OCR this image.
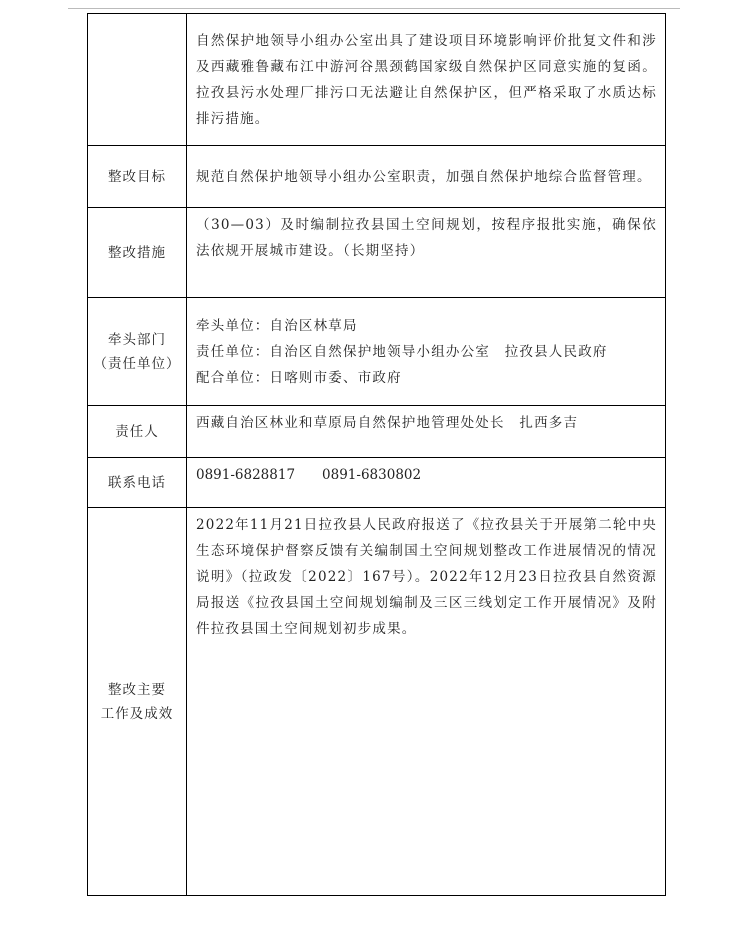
	自然保护地领导小组办公室出具了建设项目环境影响评价批复文件和涉及西藏雅鲁藏布江中游河谷黑颈鹤国家级自然保护区同意实施的复函。拉孜县污水处理厂排污口无法避让自然保护区，但严格采取了水质达标排污措施。

整改目标	规范自然保护地领导小组办公室职责，加强自然保护地综合监督管理。

整改措施	（30—03）及时编制拉孜县国土空间规划，按程序报批实施，确保依法依规开展城市建设。（长期坚持）

牵头部门
（责任单位）	牵头单位：自治区林草局
责任单位：自治区自然保护地领导小组办公室　拉孜县人民政府
配合单位：日喀则市委、市政府

责任人	西藏自治区林业和草原局自然保护地管理处处长　扎西多吉

联系电话	0891-6828817　　0891-6830802

整改主要
工作及成效	2022年11月21日拉孜县人民政府报送了《拉孜县关于开展第二轮中央生态环境保护督察反馈有关编制国土空间规划整改工作进展情况的情况说明》（拉政发〔2022〕167号）。2022年12月23日拉孜县自然资源局报送《拉孜县国土空间规划编制及三区三线划定工作开展情况》及附件拉孜县国土空间规划初步成果。
